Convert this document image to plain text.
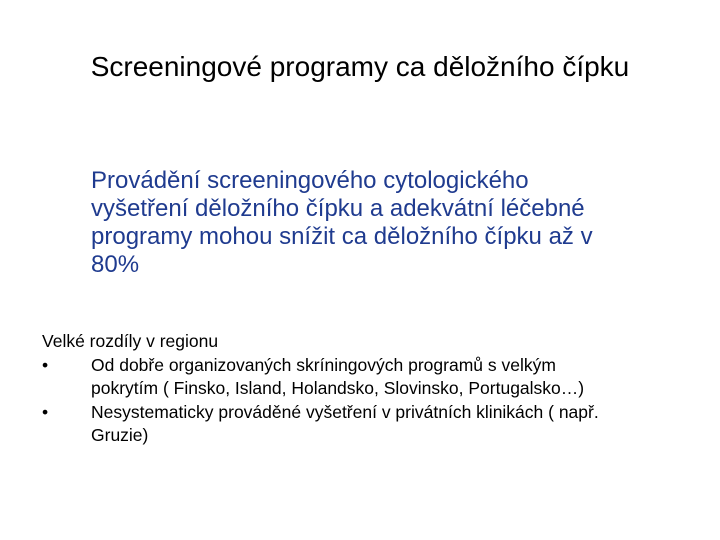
Screeningové programy ca děložního čípku
Provádění screeningového cytologického
vyšetření děložního čípku a adekvátní léčebné
programy mohou snížit ca děložního čípku až v
80%
Velké rozdíly v regionu
•	Od dobře organizovaných skríningových programů s velkým
pokrytím ( Finsko, Island, Holandsko, Slovinsko, Portugalsko…)
•	Nesystematicky prováděné vyšetření v privátních klinikách ( např.
Gruzie)
